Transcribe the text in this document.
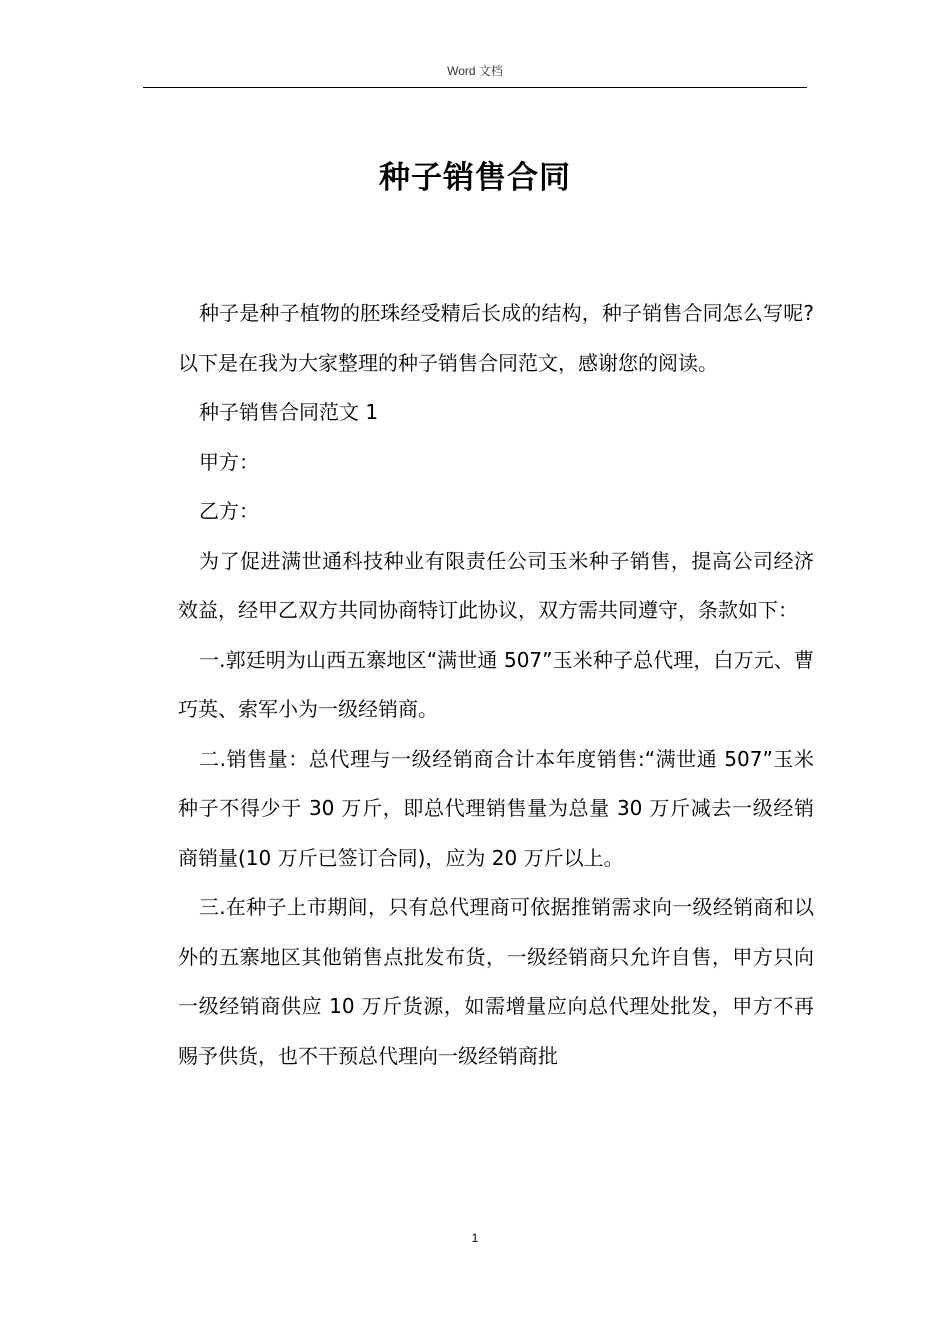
Word 文档
种子销售合同

种子是种子植物的胚珠经受精后长成的结构，种子销售合同怎么写呢?以下是在我为大家整理的种子销售合同范文，感谢您的阅读。

种子销售合同范文 1

甲方：

乙方：

为了促进满世通科技种业有限责任公司玉米种子销售，提高公司经济效益，经甲乙双方共同协商特订此协议，双方需共同遵守，条款如下：

一.郭廷明为山西五寨地区“满世通 507”玉米种子总代理，白万元、曹巧英、索军小为一级经销商。

二.销售量：总代理与一级经销商合计本年度销售:“满世通 507”玉米种子不得少于 30 万斤，即总代理销售量为总量 30 万斤减去一级经销商销量(10 万斤已签订合同)，应为 20 万斤以上。

三.在种子上市期间，只有总代理商可依据推销需求向一级经销商和以外的五寨地区其他销售点批发布货，一级经销商只允许自售，甲方只向一级经销商供应 10 万斤货源，如需增量应向总代理处批发，甲方不再赐予供货，也不干预总代理向一级经销商批

1
